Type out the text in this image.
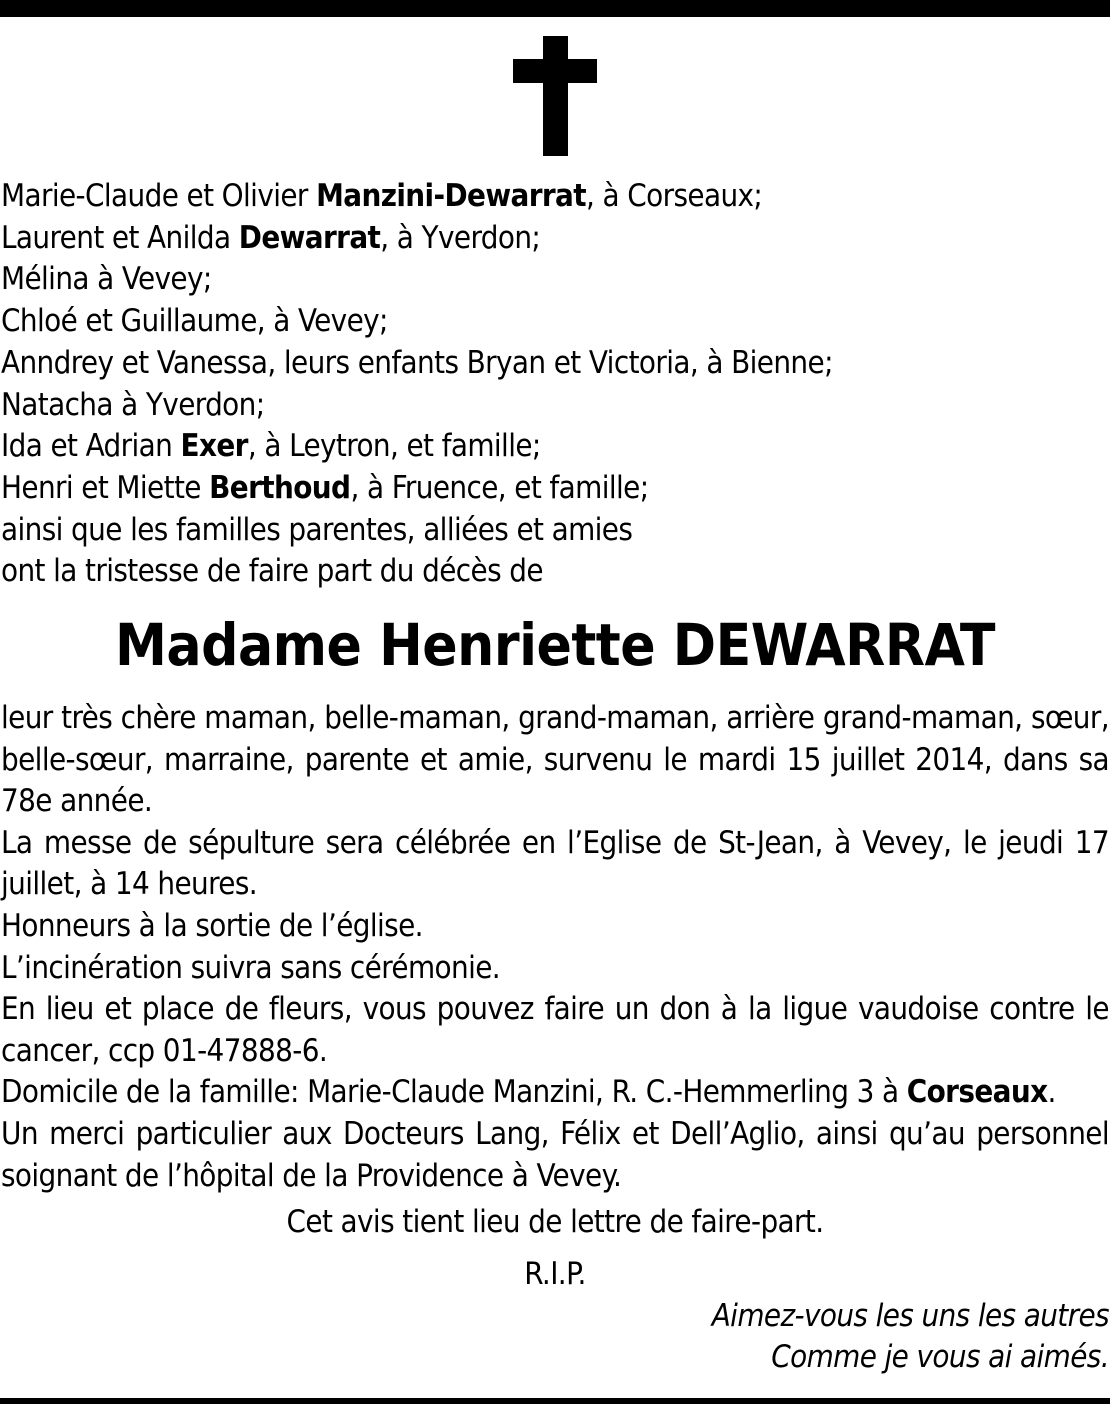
Marie-Claude et Olivier Manzini-Dewarrat, à Corseaux;
Laurent et Anilda Dewarrat, à Yverdon;
Mélina à Vevey;
Chloé et Guillaume, à Vevey;
Anndrey et Vanessa, leurs enfants Bryan et Victoria, à Bienne;
Natacha à Yverdon;
Ida et Adrian Exer, à Leytron, et famille;
Henri et Miette Berthoud, à Fruence, et famille;
ainsi que les familles parentes, alliées et amies
ont la tristesse de faire part du décès de
Madame Henriette DEWARRAT
leur très chère maman, belle-maman, grand-maman, arrière grand-maman, sœur, belle-sœur, marraine, parente et amie, survenu le mardi 15 juillet 2014, dans sa 78e année.
La messe de sépulture sera célébrée en l’Eglise de St-Jean, à Vevey, le jeudi 17 juillet, à 14 heures.
Honneurs à la sortie de l’église.
L’incinération suivra sans cérémonie.
En lieu et place de fleurs, vous pouvez faire un don à la ligue vaudoise contre le cancer, ccp 01-47888-6.
Domicile de la famille: Marie-Claude Manzini, R. C.-Hemmerling 3 à Corseaux.
Un merci particulier aux Docteurs Lang, Félix et Dell’Aglio, ainsi qu’au personnel soignant de l’hôpital de la Providence à Vevey.
Cet avis tient lieu de lettre de faire-part.
R.I.P.
Aimez-vous les uns les autres
Comme je vous ai aimés.
